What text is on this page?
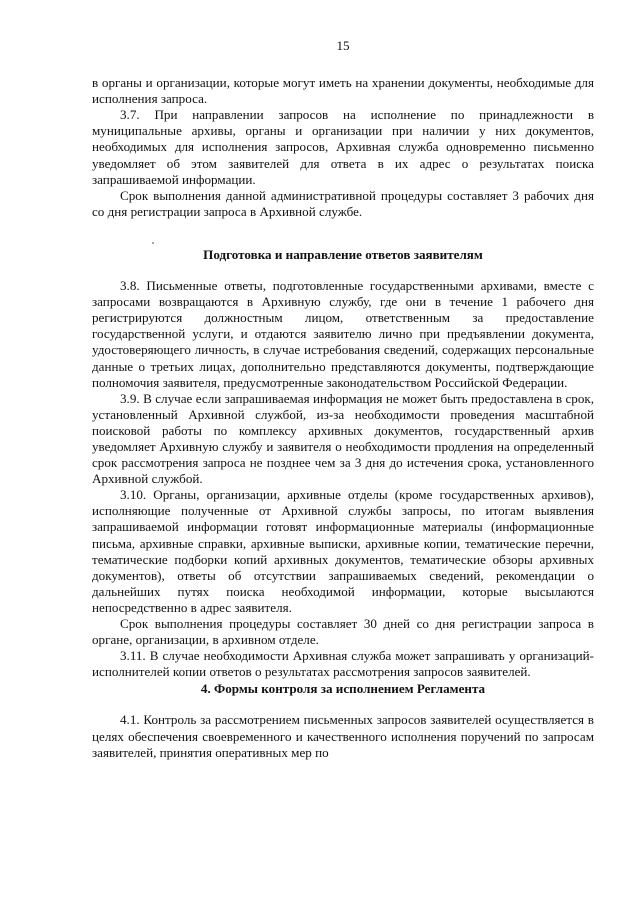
15

в органы и организации, которые могут иметь на хранении документы, необходимые для исполнения запроса.

3.7. При направлении запросов на исполнение по принадлежности в муниципальные архивы, органы и организации при наличии у них документов, необходимых для исполнения запросов, Архивная служба одновременно письменно уведомляет об этом заявителей для ответа в их адрес о результатах поиска запрашиваемой информации.

Срок выполнения данной административной процедуры составляет 3 рабочих дня со дня регистрации запроса в Архивной службе.

Подготовка и направление ответов заявителям

3.8. Письменные ответы, подготовленные государственными архивами, вместе с запросами возвращаются в Архивную службу, где они в течение 1 рабочего дня регистрируются должностным лицом, ответственным за предоставление государственной услуги, и отдаются заявителю лично при предъявлении документа, удостоверяющего личность, в случае истребования сведений, содержащих персональные данные о третьих лицах, дополнительно представляются документы, подтверждающие полномочия заявителя, предусмотренные законодательством Российской Федерации.

3.9. В случае если запрашиваемая информация не может быть предоставлена в срок, установленный Архивной службой, из-за необходимости проведения масштабной поисковой работы по комплексу архивных документов, государственный архив уведомляет Архивную службу и заявителя о необходимости продления на определенный срок рассмотрения запроса не позднее чем за 3 дня до истечения срока, установленного Архивной службой.

3.10. Органы, организации, архивные отделы (кроме государственных архивов), исполняющие полученные от Архивной службы запросы, по итогам выявления запрашиваемой информации готовят информационные материалы (информационные письма, архивные справки, архивные выписки, архивные копии, тематические перечни, тематические подборки копий архивных документов, тематические обзоры архивных документов), ответы об отсутствии запрашиваемых сведений, рекомендации о дальнейших путях поиска необходимой информации, которые высылаются непосредственно в адрес заявителя.

Срок выполнения процедуры составляет 30 дней со дня регистрации запроса в органе, организации, в архивном отделе.

3.11. В случае необходимости Архивная служба может запрашивать у организаций-исполнителей копии ответов о результатах рассмотрения запросов заявителей.

4. Формы контроля за исполнением Регламента

4.1. Контроль за рассмотрением письменных запросов заявителей осуществляется в целях обеспечения своевременного и качественного исполнения поручений по запросам заявителей, принятия оперативных мер по
